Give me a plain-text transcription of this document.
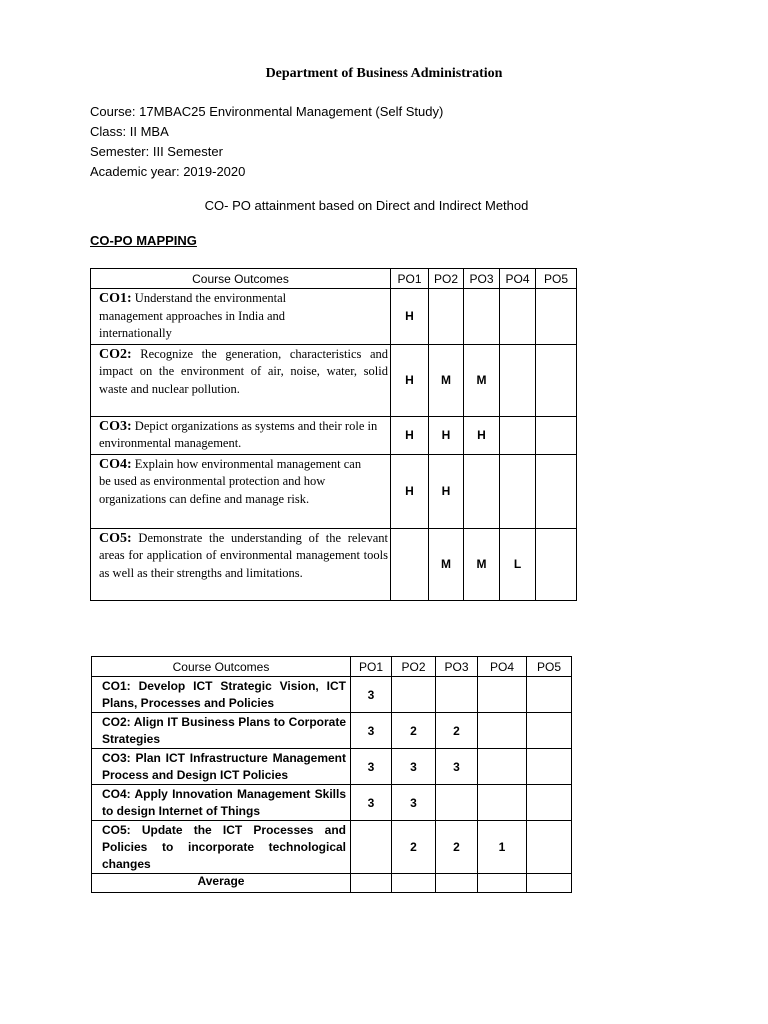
Department of Business Administration
Course: 17MBAC25 Environmental Management (Self Study)
Class: II MBA
Semester: III Semester
Academic year: 2019-2020
CO- PO attainment based on Direct and Indirect Method
CO-PO MAPPING
Course Outcomes	PO1	PO2	PO3	PO4	PO5
CO1: Understand the environmental management approaches in India and internationally	H				
CO2: Recognize the generation, characteristics and impact on the environment of air, noise, water, solid waste and nuclear pollution.	H	M	M		
CO3: Depict organizations as systems and their role in environmental management.	H	H	H		
CO4: Explain how environmental management can be used as environmental protection and how organizations can define and manage risk.	H	H			
CO5: Demonstrate the understanding of the relevant areas for application of environmental management tools as well as their strengths and limitations.		M	M	L	
Course Outcomes	PO1	PO2	PO3	PO4	PO5
CO1: Develop ICT Strategic Vision, ICT Plans, Processes and Policies	3				
CO2: Align IT Business Plans to Corporate Strategies	3	2	2		
CO3: Plan ICT Infrastructure Management Process and Design ICT Policies	3	3	3		
CO4: Apply Innovation Management Skills to design Internet of Things	3	3			
CO5: Update the ICT Processes and Policies to incorporate technological changes		2	2	1	
Average					
